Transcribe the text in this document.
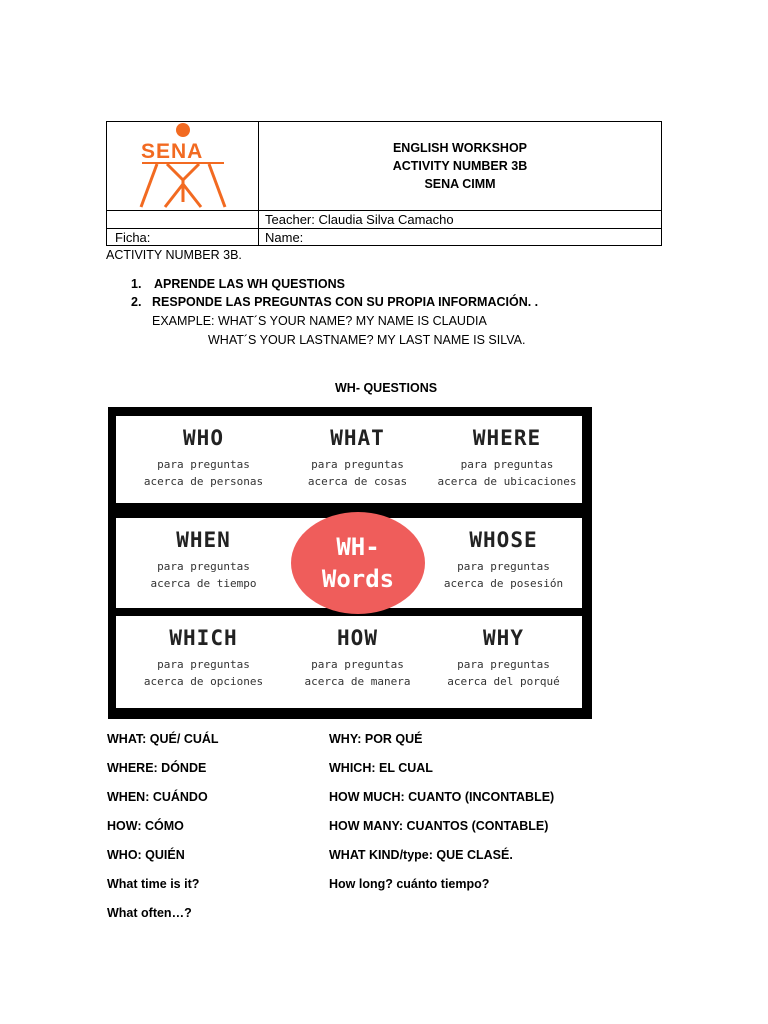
SENA	ENGLISH WORKSHOP
ACTIVITY NUMBER 3B
SENA CIMM
Teacher: Claudia Silva Camacho
Ficha:	Name:
ACTIVITY NUMBER 3B.
1. APRENDE LAS WH QUESTIONS
2. RESPONDE LAS PREGUNTAS CON SU PROPIA INFORMACIÓN. .
EXAMPLE: WHAT´S YOUR NAME? MY NAME IS CLAUDIA
WHAT´S YOUR LASTNAME? MY LAST NAME IS SILVA.
WH- QUESTIONS
WHO
para preguntas
acerca de personas
WHAT
para preguntas
acerca de cosas
WHERE
para preguntas
acerca de ubicaciones
WHEN
para preguntas
acerca de tiempo
WH-
Words
WHOSE
para preguntas
acerca de posesión
WHICH
para preguntas
acerca de opciones
HOW
para preguntas
acerca de manera
WHY
para preguntas
acerca del porqué
WHAT: QUÉ/ CUÁL
WHERE: DÓNDE
WHEN: CUÁNDO
HOW: CÓMO
WHO: QUIÉN
What time is it?
What often…?
WHY: POR QUÉ
WHICH: EL CUAL
HOW MUCH: CUANTO (INCONTABLE)
HOW MANY: CUANTOS (CONTABLE)
WHAT KIND/type: QUE CLASÉ.
How long? cuánto tiempo?
